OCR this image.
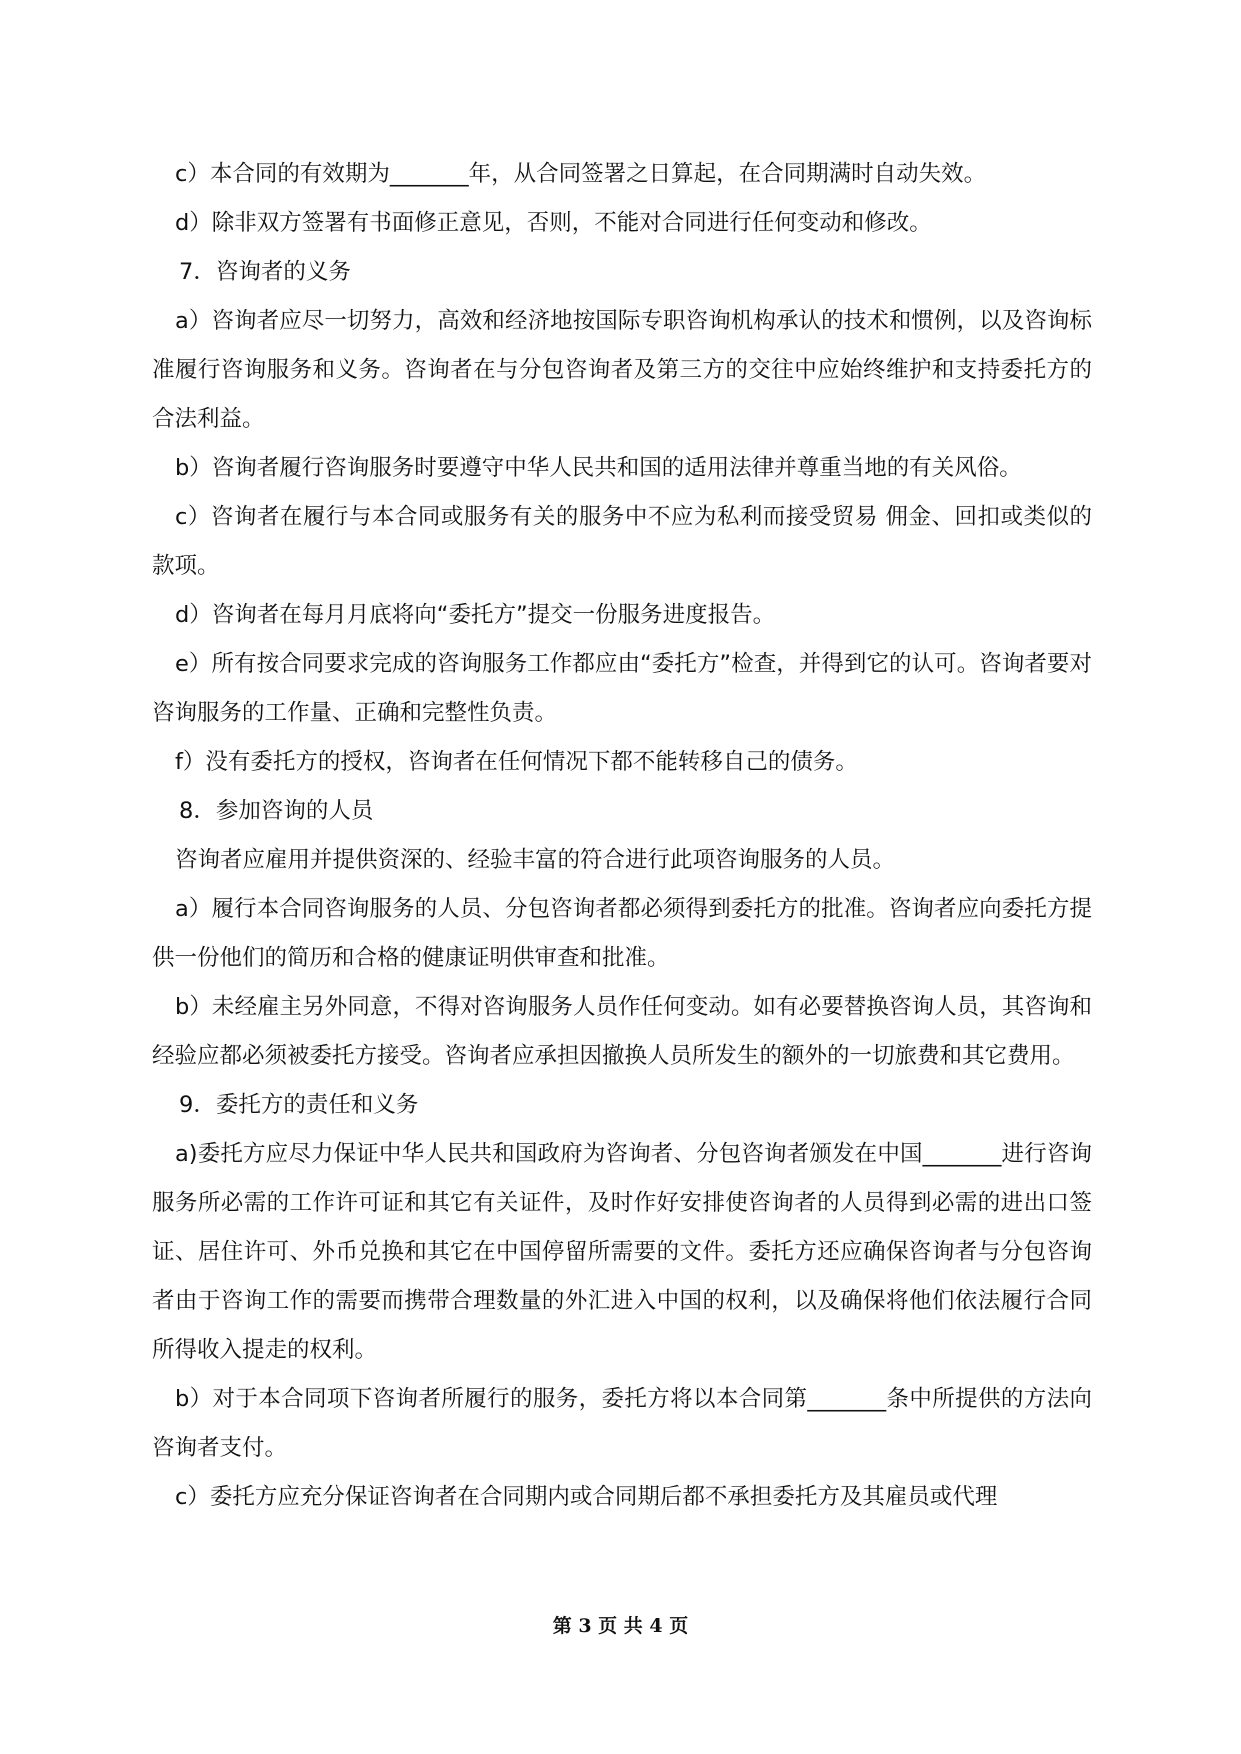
c）本合同的有效期为_______年，从合同签署之日算起，在合同期满时自动失效。

d）除非双方签署有书面修正意见，否则，不能对合同进行任何变动和修改。

7．咨询者的义务

a）咨询者应尽一切努力，高效和经济地按国际专职咨询机构承认的技术和惯例，以及咨询标准履行咨询服务和义务。咨询者在与分包咨询者及第三方的交往中应始终维护和支持委托方的合法利益。

b）咨询者履行咨询服务时要遵守中华人民共和国的适用法律并尊重当地的有关风俗。

c）咨询者在履行与本合同或服务有关的服务中不应为私利而接受贸易 佣金、回扣或类似的款项。

d）咨询者在每月月底将向“委托方”提交一份服务进度报告。

e）所有按合同要求完成的咨询服务工作都应由“委托方”检查，并得到它的认可。咨询者要对咨询服务的工作量、正确和完整性负责。

f）没有委托方的授权，咨询者在任何情况下都不能转移自己的债务。

8．参加咨询的人员

咨询者应雇用并提供资深的、经验丰富的符合进行此项咨询服务的人员。

a）履行本合同咨询服务的人员、分包咨询者都必须得到委托方的批准。咨询者应向委托方提供一份他们的简历和合格的健康证明供审查和批准。

b）未经雇主另外同意，不得对咨询服务人员作任何变动。如有必要替换咨询人员，其咨询和经验应都必须被委托方接受。咨询者应承担因撤换人员所发生的额外的一切旅费和其它费用。

9．委托方的责任和义务

a)委托方应尽力保证中华人民共和国政府为咨询者、分包咨询者颁发在中国_______进行咨询服务所必需的工作许可证和其它有关证件，及时作好安排使咨询者的人员得到必需的进出口签证、居住许可、外币兑换和其它在中国停留所需要的文件。委托方还应确保咨询者与分包咨询者由于咨询工作的需要而携带合理数量的外汇进入中国的权利，以及确保将他们依法履行合同所得收入提走的权利。

b）对于本合同项下咨询者所履行的服务，委托方将以本合同第_______条中所提供的方法向咨询者支付。

c）委托方应充分保证咨询者在合同期内或合同期后都不承担委托方及其雇员或代理

第 3 页 共 4 页
